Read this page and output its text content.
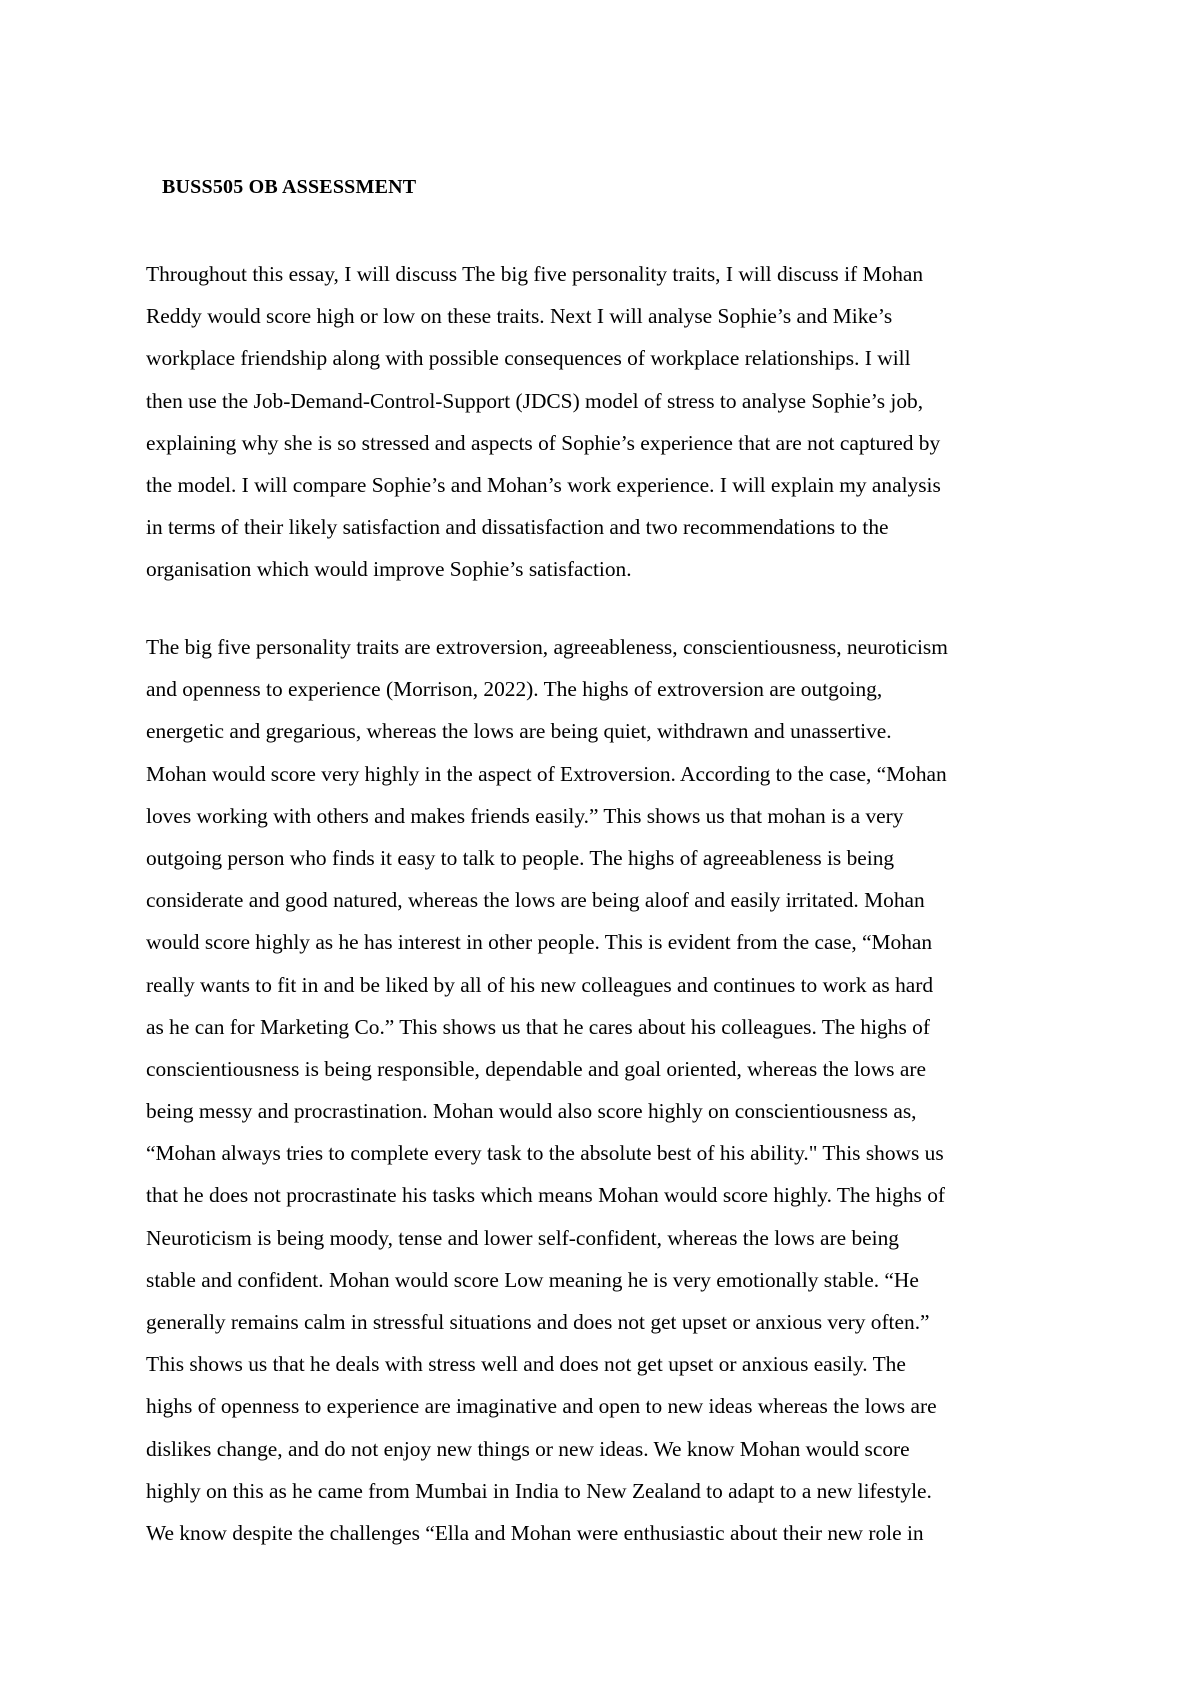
BUSS505 OB ASSESSMENT
Throughout this essay, I will discuss The big five personality traits, I will discuss if Mohan
Reddy would score high or low on these traits. Next I will analyse Sophie’s and Mike’s
workplace friendship along with possible consequences of workplace relationships. I will
then use the Job-Demand-Control-Support (JDCS) model of stress to analyse Sophie’s job,
explaining why she is so stressed and aspects of Sophie’s experience that are not captured by
the model. I will compare Sophie’s and Mohan’s work experience. I will explain my analysis
in terms of their likely satisfaction and dissatisfaction and two recommendations to the
organisation which would improve Sophie’s satisfaction.
The big five personality traits are extroversion, agreeableness, conscientiousness, neuroticism
and openness to experience (Morrison, 2022). The highs of extroversion are outgoing,
energetic and gregarious, whereas the lows are being quiet, withdrawn and unassertive.
Mohan would score very highly in the aspect of Extroversion. According to the case, “Mohan
loves working with others and makes friends easily.” This shows us that mohan is a very
outgoing person who finds it easy to talk to people. The highs of agreeableness is being
considerate and good natured, whereas the lows are being aloof and easily irritated. Mohan
would score highly as he has interest in other people. This is evident from the case, “Mohan
really wants to fit in and be liked by all of his new colleagues and continues to work as hard
as he can for Marketing Co.” This shows us that he cares about his colleagues. The highs of
conscientiousness is being responsible, dependable and goal oriented, whereas the lows are
being messy and procrastination. Mohan would also score highly on conscientiousness as,
“Mohan always tries to complete every task to the absolute best of his ability." This shows us
that he does not procrastinate his tasks which means Mohan would score highly. The highs of
Neuroticism is being moody, tense and lower self-confident, whereas the lows are being
stable and confident. Mohan would score Low meaning he is very emotionally stable. “He
generally remains calm in stressful situations and does not get upset or anxious very often.”
This shows us that he deals with stress well and does not get upset or anxious easily. The
highs of openness to experience are imaginative and open to new ideas whereas the lows are
dislikes change, and do not enjoy new things or new ideas. We know Mohan would score
highly on this as he came from Mumbai in India to New Zealand to adapt to a new lifestyle.
We know despite the challenges “Ella and Mohan were enthusiastic about their new role in
